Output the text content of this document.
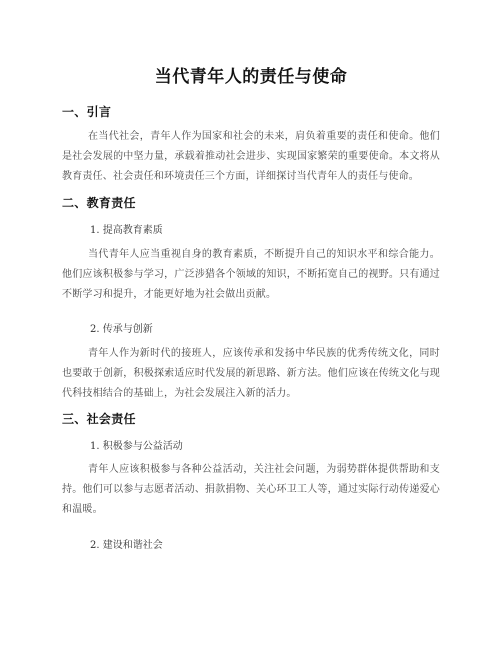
当代青年人的责任与使命
一、引言
在当代社会，青年人作为国家和社会的未来，肩负着重要的责任和使命。他们是社会发展的中坚力量，承载着推动社会进步、实现国家繁荣的重要使命。本文将从教育责任、社会责任和环境责任三个方面，详细探讨当代青年人的责任与使命。
二、教育责任
1. 提高教育素质
当代青年人应当重视自身的教育素质，不断提升自己的知识水平和综合能力。他们应该积极参与学习，广泛涉猎各个领域的知识，不断拓宽自己的视野。只有通过不断学习和提升，才能更好地为社会做出贡献。
2. 传承与创新
青年人作为新时代的接班人，应该传承和发扬中华民族的优秀传统文化，同时也要敢于创新，积极探索适应时代发展的新思路、新方法。他们应该在传统文化与现代科技相结合的基础上，为社会发展注入新的活力。
三、社会责任
1. 积极参与公益活动
青年人应该积极参与各种公益活动，关注社会问题，为弱势群体提供帮助和支持。他们可以参与志愿者活动、捐款捐物、关心环卫工人等，通过实际行动传递爱心和温暖。
2. 建设和谐社会
